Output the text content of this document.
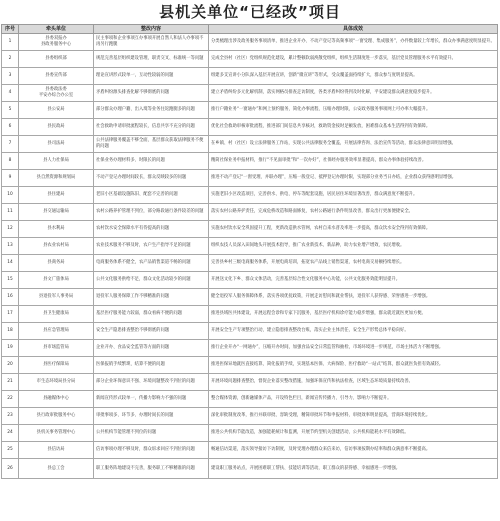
县机关单位“已经改”项目
序号	牵头单位	整改内容	具体成效
1	县委双报办
县政务服务中心	民主事项和企业事项互办事项开展自然人和法人办事项不再另行跑腿	分类梳理出涉及政务服务事项清单，推进企业开办、不动产登记等高频事项“一窗受理、集成服务”，办件数量较上年增长，群众办事满意度明显提升。
2	县委组织部	规范完善基层组织建设管理，职责交叉、标准统一等问题	完成全县村（社区）党组织规范化建设，累计整顿软弱涣散党组织，组织生活制度进一步落实，基层党员管理服务水平有效提升。
3	县委宣传部	理论宣讲形式较单一，互动性较弱的问题	组建多支宣讲小分队深入基层开展宣讲，创新“微宣讲”等形式，受众覆盖面持续扩大，群众参与度明显提高。
4	县委政法委
平安办综合办公室	矛盾纠纷源头排查化解不够彻底的问题	建立矛盾纠纷多元化解机制，落实网格员排查走访制度，各类矛盾纠纷得到及时化解，平安建设群众满意度稳步提升。
5	县公安局	部分群众办理户籍、出入境等业务往返跑腿多的问题	推行户籍业务“一窗通办”和网上预约服务，简化办事流程、压缩办理时限，公安政务服务事项网上可办率大幅提升。
6	县民政局	社会救助申请审批流程较长，信息共享不充分的问题	优化社会救助审核审批流程，推进部门间信息共享核对，救助资金按时足额发放，困难群众基本生活得到有效保障。
7	县司法局	公共法律服务覆盖不够全面，基层群众获取法律服务不便的问题	在乡镇、村（社区）设立法律服务工作站，实现公共法律服务全覆盖，开展法律咨询、法治宣传等活动，群众法律意识明显增强。
8	县人力社保局	社保业务办理材料多、时限长的问题	精简社保业务申报材料，推行“不见面审批”和“一次办好”，社保经办服务效率显著提高，群众办事体验持续改善。
9	县自然资源和规划局	不动产登记办理时间较长，群众反映较多的问题	推进不动产登记“一窗受理、并联办理”，压缩一般登记、抵押登记办理时限，实现部分业务当日办结，企业群众获得感明显增强。
10	县住建局	老旧小区基础设施陈旧、配套不完善的问题	实施老旧小区改造项目，完善供水、供电、停车等配套设施，居民居住环境显著改善，群众满意度不断提升。
11	县交通运输局	农村公路养护管理不到位，部分路段通行条件较差的问题	落实农村公路养护责任，完成危桥改造和路面修复，农村公路通行条件明显改善，群众出行更加便捷安全。
12	县水利局	农村饮水安全保障水平有待提高的问题	实施农村饮水安全巩固提升工程，更新改造供水管网，农村自来水普及率进一步提高，群众饮水安全得到有效保障。
13	县农业农村局	农业技术服务不够及时，农户生产指导不足的问题	组织农技人员深入田间地头开展技术指导，推广农业新技术、新品种，助力农业增产增效、农民增收。
14	县商务局	电商服务体系不健全，农产品销售渠道不畅的问题	完善县乡村三级电商服务体系，开展电商培训，拓宽农产品线上销售渠道，农村电商交易额持续增长。
15	县文广旅体局	公共文化服务供给不足，群众文化活动较少的问题	开展送文化下乡、群众文体活动，完善基层综合性文化服务中心功能，公共文化服务效能明显提升。
16	县退役军人事务局	退役军人服务保障工作不够精准的问题	健全退役军人服务保障体系，落实各项优抚政策，开展走访慰问和就业帮扶，退役军人获得感、荣誉感进一步增强。
17	县卫生健康局	基层医疗服务能力较弱，群众看病不便的问题	推进县域医共体建设，开展远程会诊和专家下沉服务，基层医疗机构诊疗能力稳步增强，群众就近就医更加方便。
18	县应急管理局	安全生产隐患排查整治不够彻底的问题	开展安全生产专项整治行动，建立隐患排查整改台账，落实企业主体责任，安全生产形势总体平稳向好。
19	县市场监管局	企业开办、食品安全监管等方面的问题	推行企业开办“一网通办”，压缩开办时间，加强食品安全日常监管和抽检，市场环境进一步规范，市场主体活力不断增强。
20	县医疗保障局	医保报销手续繁琐、结算不便的问题	推进医保异地就医直接结算，简化报销手续，实现基本医保、大病保险、医疗救助“一站式”结算，群众就医负担有效减轻。
21	市生态环境局县分局	部分企业环保意识不强、环境问题整改不到位的问题	开展环境问题排查整治，督促企业落实整改措施，加强环保宣传和执法检查，区域生态环境质量持续改善。
22	县融媒体中心	新闻宣传形式较单一，传播力影响力不强的问题	整合媒体资源，创新融媒体产品，开设特色栏目，新闻宣传传播力、引导力、影响力不断提升。
23	县行政审批服务中心	审批事项多、环节多、办理时间长的问题	深化审批制度改革，推行并联审批、容缺受理，精简审批环节和申报材料，审批效率明显提高，营商环境持续优化。
24	县机关事务管理中心	公共机构节能管理不到位的问题	推进公共机构节能改造，加强能耗统计和监测，开展节约型机关创建活动，公共机构能耗水平有效降低。
25	县信访局	信访事项办理不够及时，群众诉求回应不到位的问题	畅通信访渠道，落实领导接访下访制度，及时受理办理群众来信来访，信访事项按期办结率和群众满意率不断提高。
26	县总工会	职工服务阵地建设不完善，服务职工不够精准的问题	建设职工服务站点，开展困难职工帮扶、技能培训等活动，职工群众的获得感、幸福感进一步增强。
